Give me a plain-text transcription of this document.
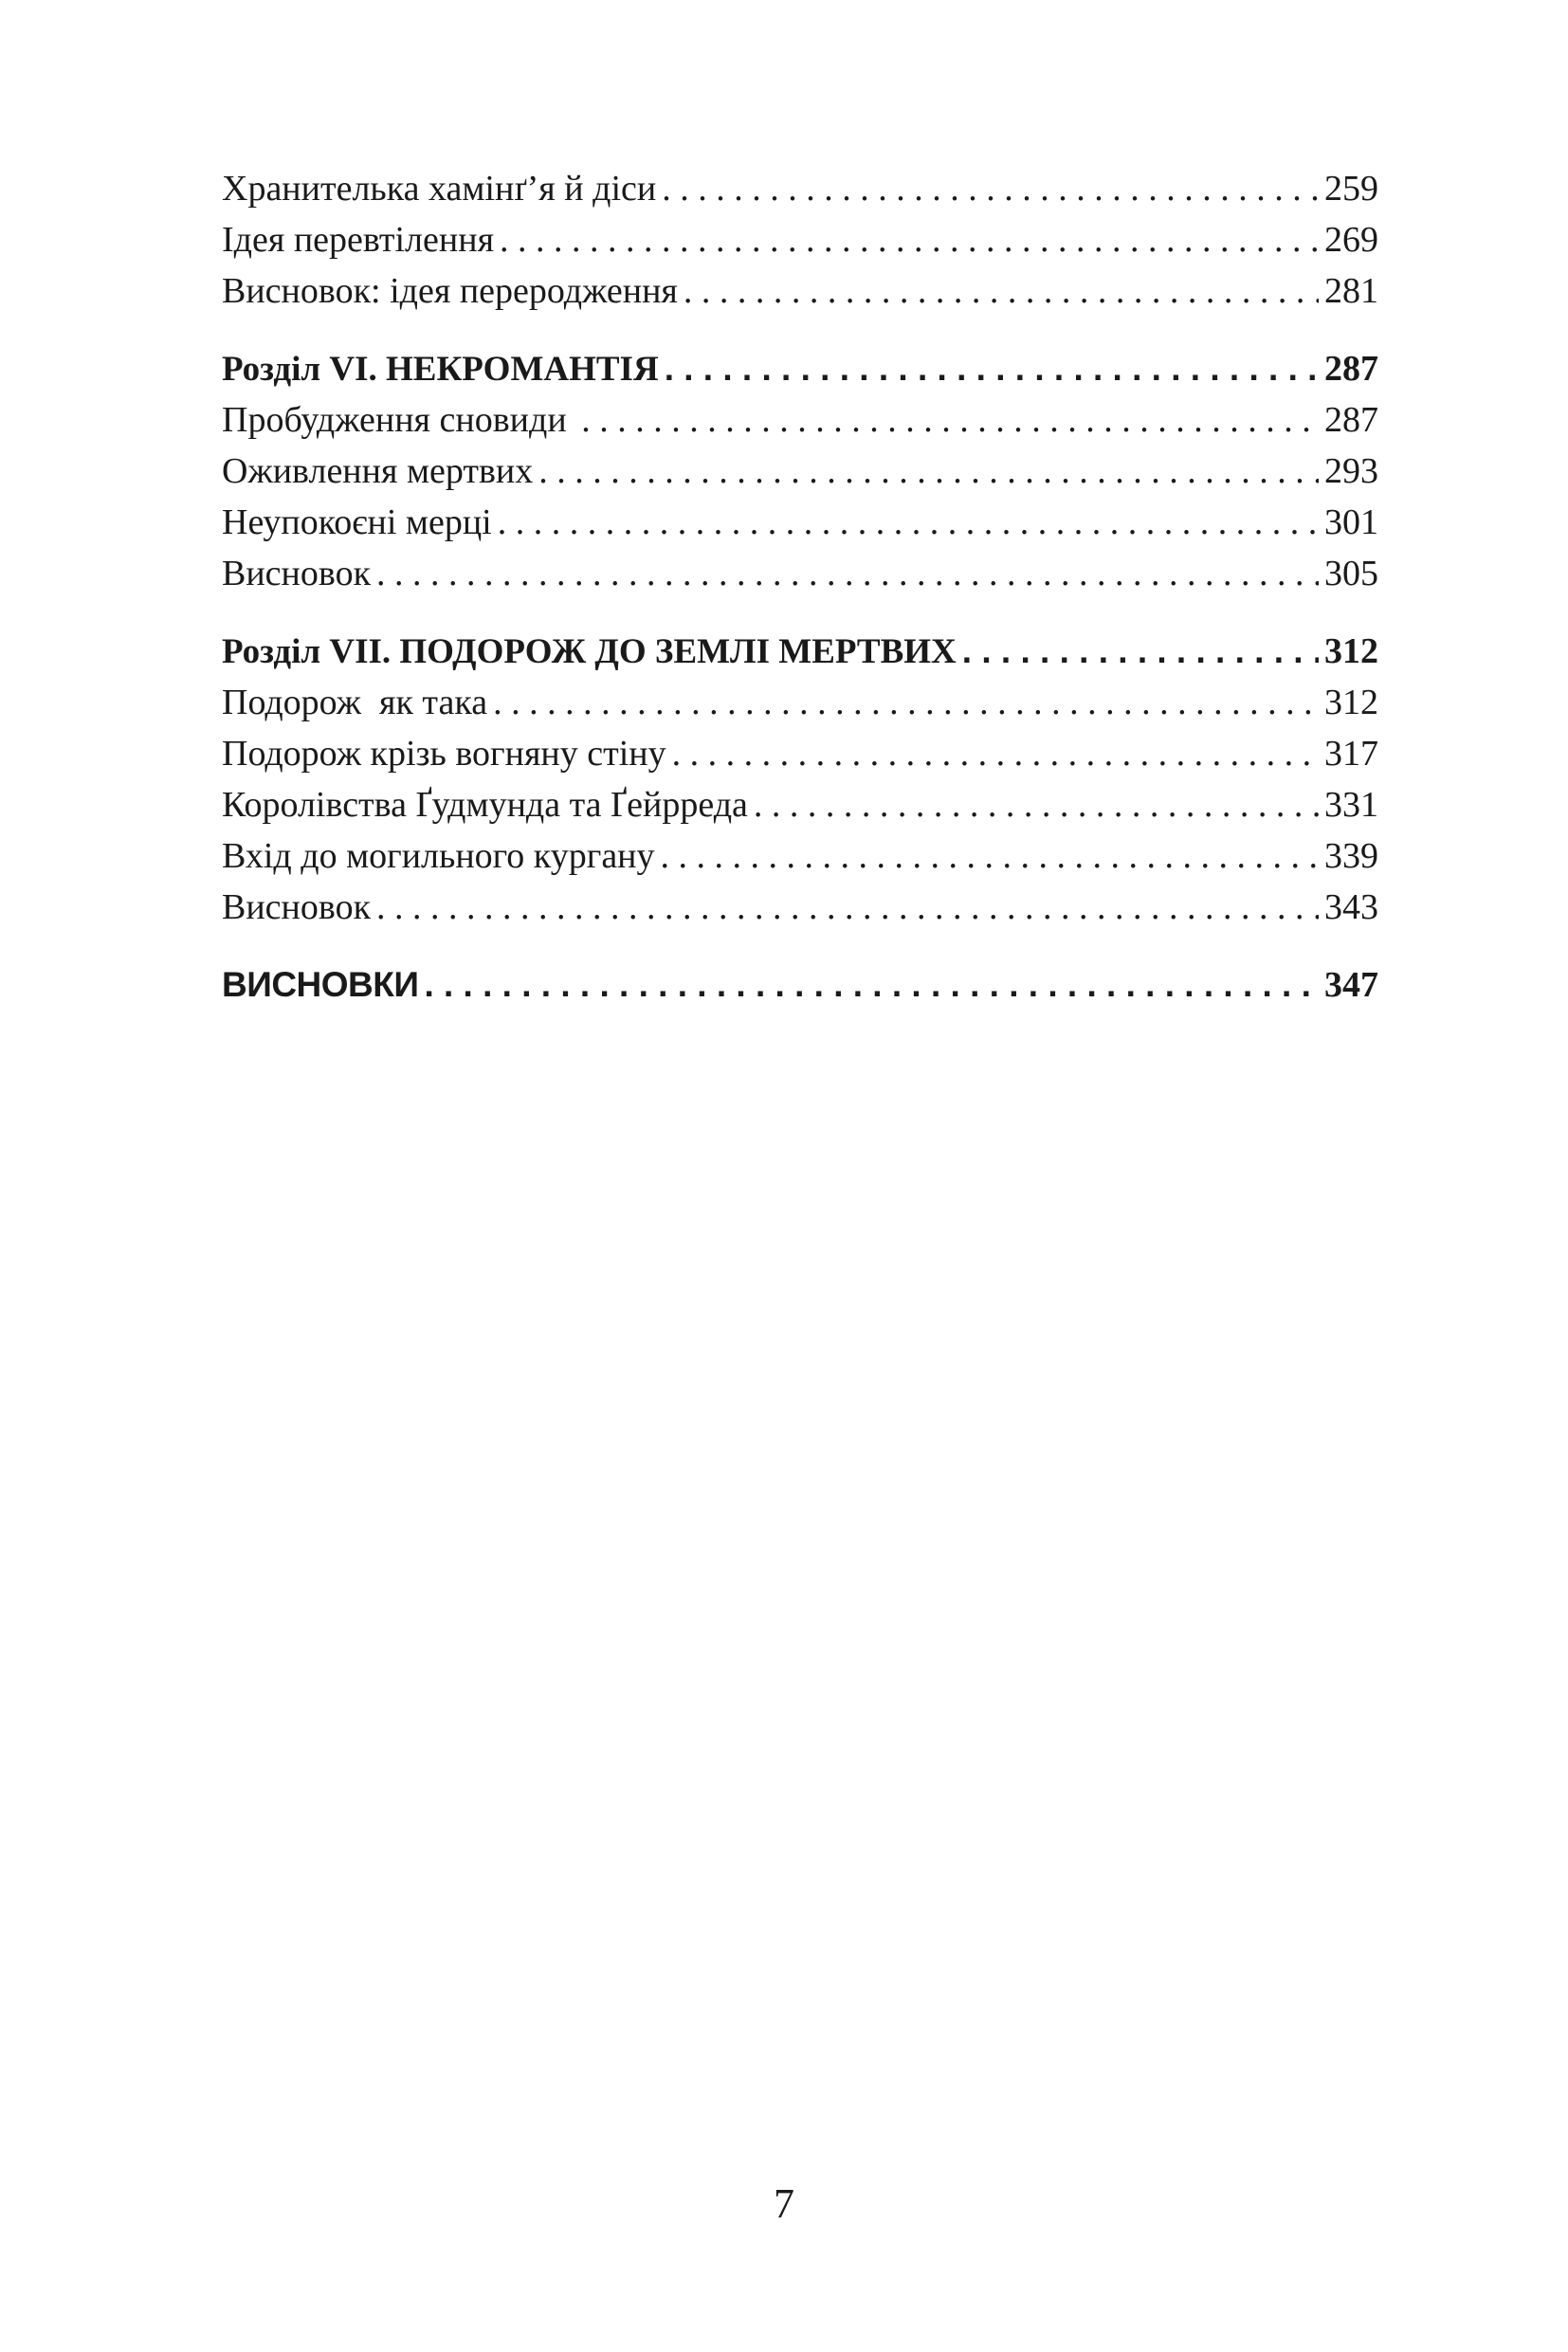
Хранителька хамінґ’я й діси . . .	259
Ідея перевтілення . . .	269
Висновок: ідея переродження . . .	281
Розділ VI. НЕКРОМАНТІЯ . . .	287
Пробудження сновиди . . .	287
Оживлення мертвих . . .	293
Неупокоєні мерці . . .	301
Висновок . . .	305
Розділ VII. ПОДОРОЖ ДО ЗЕМЛІ МЕРТВИХ . . .	312
Подорож  як така . . .	312
Подорож крізь вогняну стіну . . .	317
Королівства Ґудмунда та Ґейрреда . . .	331
Вхід до могильного кургану . . .	339
Висновок . . .	343
ВИСНОВКИ . . .	347
7
